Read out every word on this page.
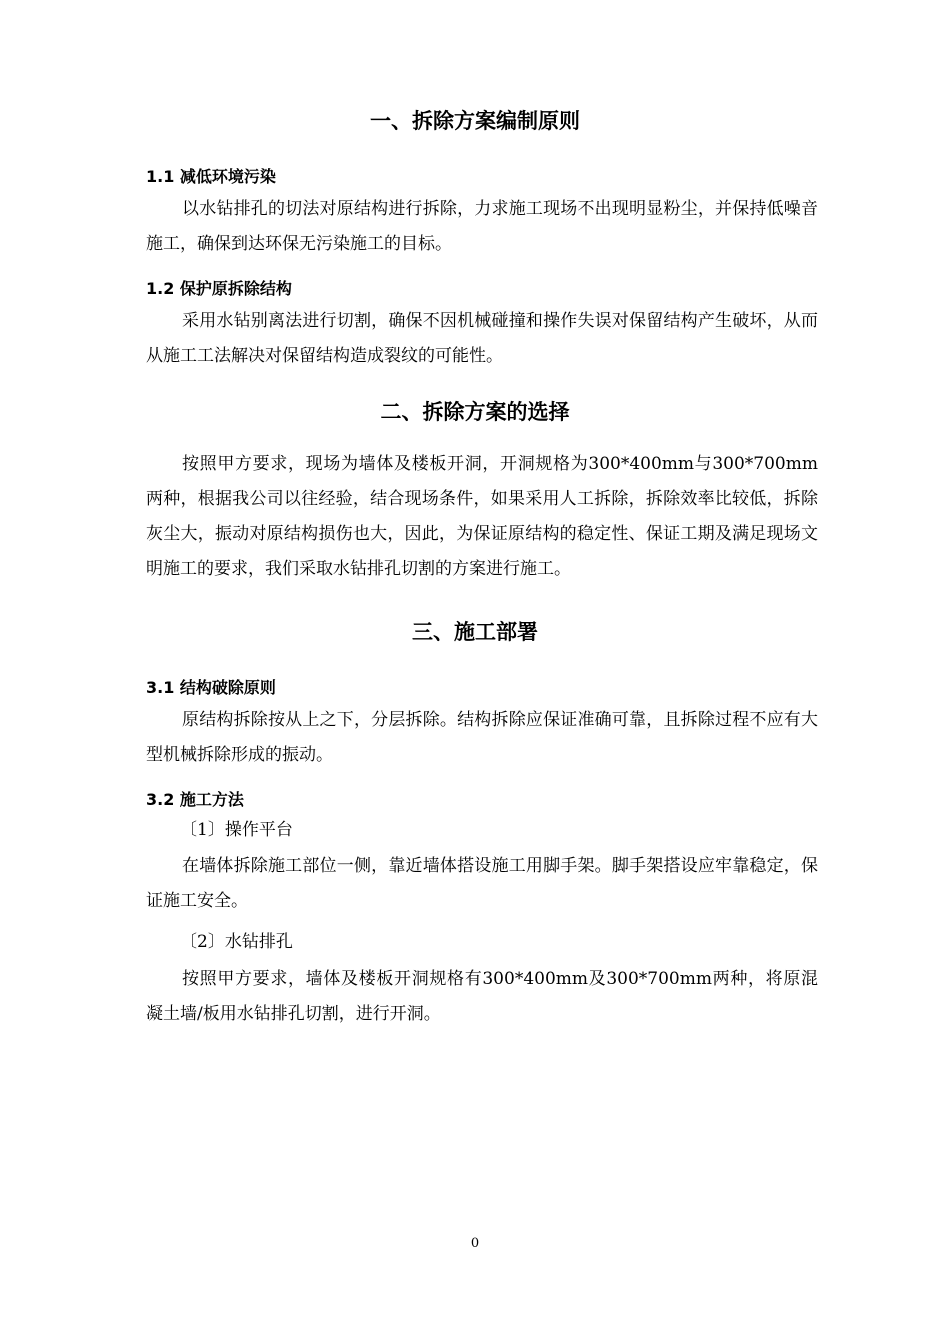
一、拆除方案编制原则
1.1 减低环境污染

以水钻排孔的切法对原结构进行拆除，力求施工现场不出现明显粉尘，并保持低噪音施工，确保到达环保无污染施工的目标。

1.2 保护原拆除结构

采用水钻别离法进行切割，确保不因机械碰撞和操作失误对保留结构产生破坏，从而从施工工法解决对保留结构造成裂纹的可能性。

二、拆除方案的选择

按照甲方要求，现场为墙体及楼板开洞，开洞规格为300*400mm与300*700mm两种，根据我公司以往经验，结合现场条件，如果采用人工拆除，拆除效率比较低，拆除灰尘大，振动对原结构损伤也大，因此，为保证原结构的稳定性、保证工期及满足现场文明施工的要求，我们采取水钻排孔切割的方案进行施工。

三、施工部署
3.1 结构破除原则

原结构拆除按从上之下，分层拆除。结构拆除应保证准确可靠，且拆除过程不应有大型机械拆除形成的振动。

3.2 施工方法

〔1〕操作平台

在墙体拆除施工部位一侧，靠近墙体搭设施工用脚手架。脚手架搭设应牢靠稳定，保证施工安全。

〔2〕水钻排孔

按照甲方要求，墙体及楼板开洞规格有300*400mm及300*700mm两种，将原混凝土墙/板用水钻排孔切割，进行开洞。

0
